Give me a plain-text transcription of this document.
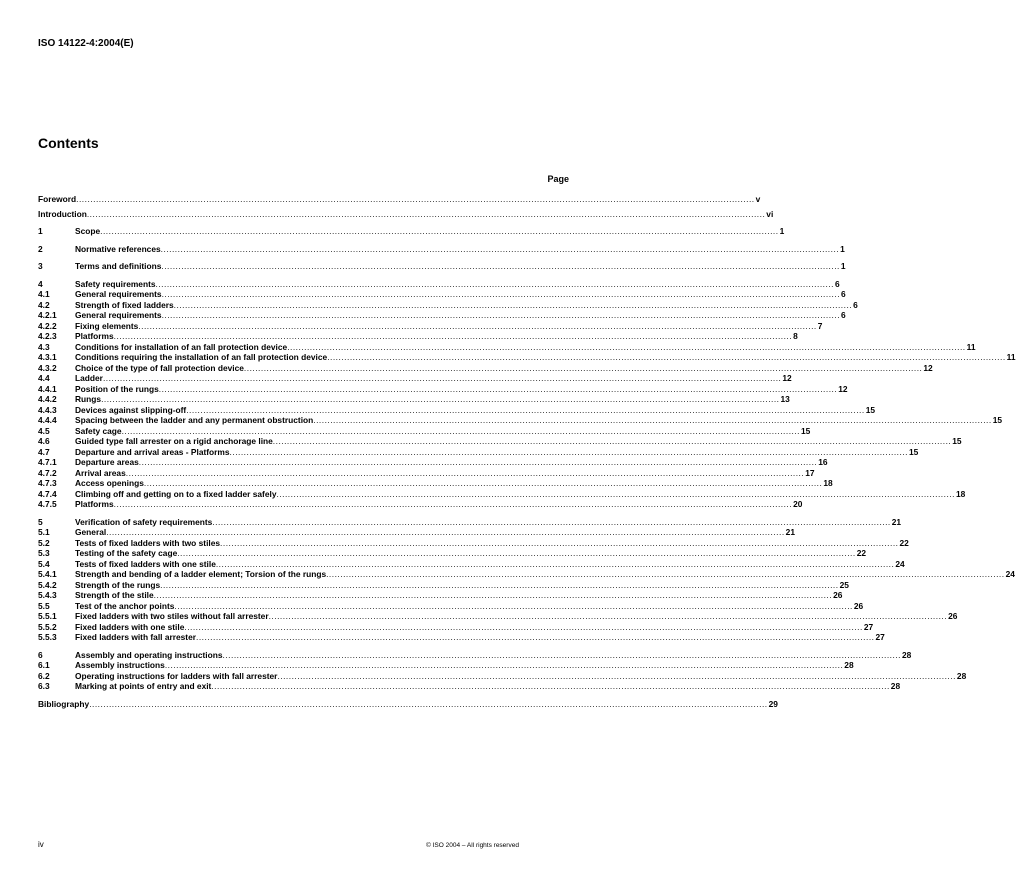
ISO 14122-4:2004(E)
Contents
Page
Foreword .....	v
Introduction .....	vi
1	Scope .....	1
2	Normative references .....	1
3	Terms and definitions .....	1
4	Safety requirements .....	6
4.1	General requirements .....	6
4.2	Strength of fixed ladders .....	6
4.2.1	General requirements .....	6
4.2.2	Fixing elements .....	7
4.2.3	Platforms .....	8
4.3	Conditions for installation of an fall protection device .....	11
4.3.1	Conditions requiring the installation of an fall protection device .....	11
4.3.2	Choice of the type of fall protection device .....	12
4.4	Ladder .....	12
4.4.1	Position of the rungs .....	12
4.4.2	Rungs .....	13
4.4.3	Devices against slipping-off .....	15
4.4.4	Spacing between the ladder and any permanent obstruction .....	15
4.5	Safety cage .....	15
4.6	Guided type fall arrester on a rigid anchorage line .....	15
4.7	Departure and arrival areas - Platforms .....	15
4.7.1	Departure areas .....	16
4.7.2	Arrival areas .....	17
4.7.3	Access openings .....	18
4.7.4	Climbing off and getting on to a fixed ladder safely .....	18
4.7.5	Platforms .....	20
5	Verification of safety requirements .....	21
5.1	General .....	21
5.2	Tests of fixed ladders with two stiles .....	22
5.3	Testing of the safety cage .....	22
5.4	Tests of fixed ladders with one stile .....	24
5.4.1	Strength and bending of a ladder element; Torsion of the rungs .....	24
5.4.2	Strength of the rungs .....	25
5.4.3	Strength of the stile .....	26
5.5	Test of the anchor points .....	26
5.5.1	Fixed ladders with two stiles without fall arrester .....	26
5.5.2	Fixed ladders with one stile .....	27
5.5.3	Fixed ladders with fall arrester .....	27
6	Assembly and operating instructions .....	28
6.1	Assembly instructions .....	28
6.2	Operating instructions for ladders with fall arrester .....	28
6.3	Marking at points of entry and exit .....	28
Bibliography .....	29
iv	© ISO 2004 – All rights reserved
